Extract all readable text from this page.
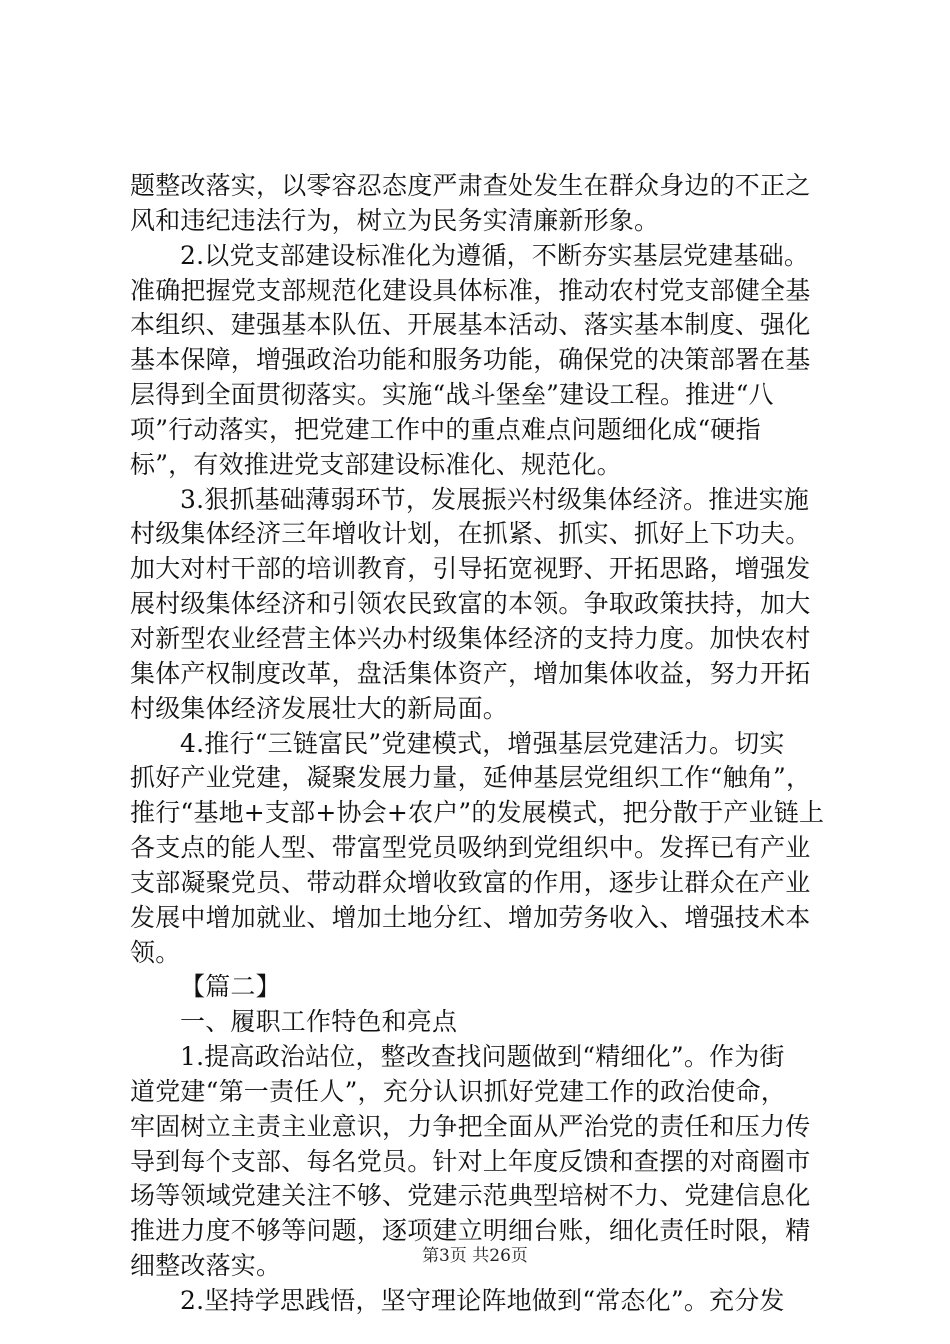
题整改落实，以零容忍态度严肃查处发生在群众身边的不正之
风和违纪违法行为，树立为民务实清廉新形象。
2.以党支部建设标准化为遵循，不断夯实基层党建基础。
准确把握党支部规范化建设具体标准，推动农村党支部健全基
本组织、建强基本队伍、开展基本活动、落实基本制度、强化
基本保障，增强政治功能和服务功能，确保党的决策部署在基
层得到全面贯彻落实。实施“战斗堡垒”建设工程。推进“八
项”行动落实，把党建工作中的重点难点问题细化成“硬指
标”，有效推进党支部建设标准化、规范化。
3.狠抓基础薄弱环节，发展振兴村级集体经济。推进实施
村级集体经济三年增收计划，在抓紧、抓实、抓好上下功夫。
加大对村干部的培训教育，引导拓宽视野、开拓思路，增强发
展村级集体经济和引领农民致富的本领。争取政策扶持，加大
对新型农业经营主体兴办村级集体经济的支持力度。加快农村
集体产权制度改革，盘活集体资产，增加集体收益，努力开拓
村级集体经济发展壮大的新局面。
4.推行“三链富民”党建模式，增强基层党建活力。切实
抓好产业党建，凝聚发展力量，延伸基层党组织工作“触角”，
推行“基地+支部+协会+农户”的发展模式，把分散于产业链上
各支点的能人型、带富型党员吸纳到党组织中。发挥已有产业
支部凝聚党员、带动群众增收致富的作用，逐步让群众在产业
发展中增加就业、增加土地分红、增加劳务收入、增强技术本
领。
【篇二】
一、履职工作特色和亮点
1.提高政治站位，整改查找问题做到“精细化”。作为街
道党建“第一责任人”，充分认识抓好党建工作的政治使命，
牢固树立主责主业意识，力争把全面从严治党的责任和压力传
导到每个支部、每名党员。针对上年度反馈和查摆的对商圈市
场等领域党建关注不够、党建示范典型培树不力、党建信息化
推进力度不够等问题，逐项建立明细台账，细化责任时限，精
细整改落实。
2.坚持学思践悟，坚守理论阵地做到“常态化”。充分发
第3页 共26页
